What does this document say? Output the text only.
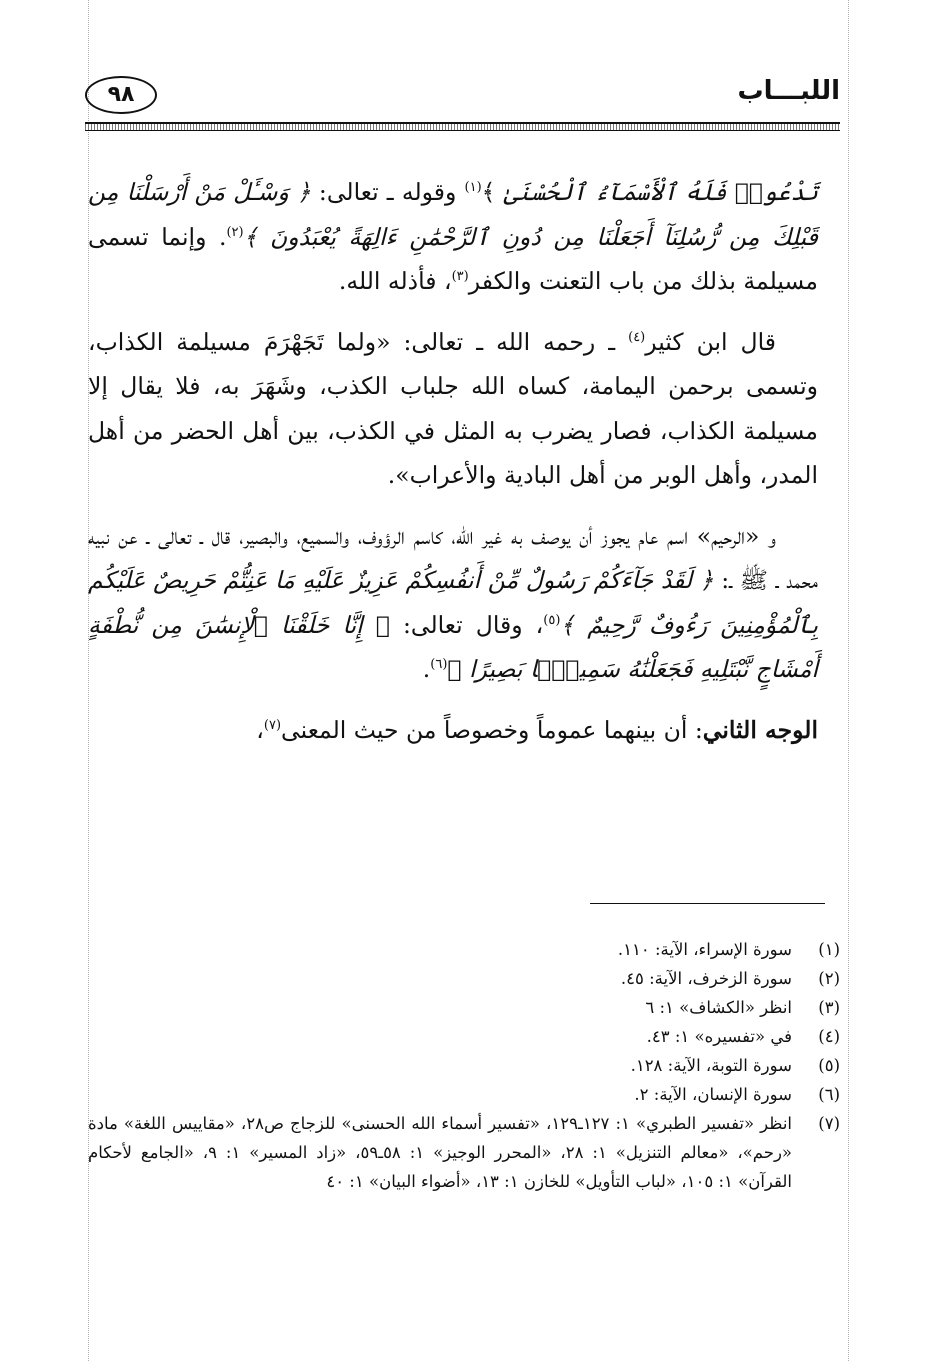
٩٨	اللبـــاب

تَدْعُوا۟ فَلَهُ ٱلْأَسْمَآءُ ٱلْحُسْنَىٰ ﴾$^{(١)}$ وقوله ـ تعالى: ﴿ وَسْـَٔلْ مَنْ أَرْسَلْنَا مِن قَبْلِكَ مِن رُّسُلِنَآ أَجَعَلْنَا مِن دُونِ ٱلرَّحْمَٰنِ ءَالِهَةً يُعْبَدُونَ ﴾$^{(٢)}$. وإنما تسمى مسيلمة بذلك من باب التعنت والكفر$^{(٣)}$، فأذله الله.

قال ابن كثير$^{(٤)}$ ـ رحمه الله ـ تعالى: «ولما تَجَهْرَمَ مسيلمة الكذاب، وتسمى برحمن اليمامة، كساه الله جلباب الكذب، وشَهَرَ به، فلا يقال إلا مسيلمة الكذاب، فصار يضرب به المثل في الكذب، بين أهل الحضر من أهل المدر، وأهل الوبر من أهل البادية والأعراب».

و «الرحيم» اسم عام يجوز أن يوصف به غير الله، كاسم الرؤوف، والسميع، والبصير، قال ـ تعالى ـ عن نبيه محمد ـ ﷺ ـ: ﴿ لَقَدْ جَآءَكُمْ رَسُولٌ مِّنْ أَنفُسِكُمْ عَزِيزٌ عَلَيْهِ مَا عَنِتُّمْ حَرِيصٌ عَلَيْكُم بِٱلْمُؤْمِنِينَ رَءُوفٌ رَّحِيمٌ ﴾$^{(٥)}$، وقال تعالى: ﴿ إِنَّا خَلَقْنَا ٱلْإِنسَٰنَ مِن نُّطْفَةٍ أَمْشَاجٍ نَّبْتَلِيهِ فَجَعَلْنَٰهُ سَمِيعًۢا بَصِيرًا ﴾$^{(٦)}$.

الوجه الثاني: أن بينهما عموماً وخصوصاً من حيث المعنى$^{(٧)}$،

(١)
سورة الإسراء، الآية: ١١٠.
(٢)
سورة الزخرف، الآية: ٤٥.
(٣)
انظر «الكشاف» ١: ٦
(٤)
في «تفسيره» ١: ٤٣.
(٥)
سورة التوبة، الآية: ١٢٨.
(٦)
سورة الإنسان، الآية: ٢.
(٧)
انظر «تفسير الطبري» ١: ١٢٧ـ١٢٩، «تفسير أسماء الله الحسنى» للزجاج ص٢٨، «مقاييس اللغة» مادة «رحم»، «معالم التنزيل» ١: ٢٨، «المحرر الوجيز» ١: ٥٨ـ٥٩، «زاد المسير» ١: ٩، «الجامع لأحكام القرآن» ١: ١٠٥، «لباب التأويل» للخازن ١: ١٣، «أضواء البيان» ١: ٤٠
